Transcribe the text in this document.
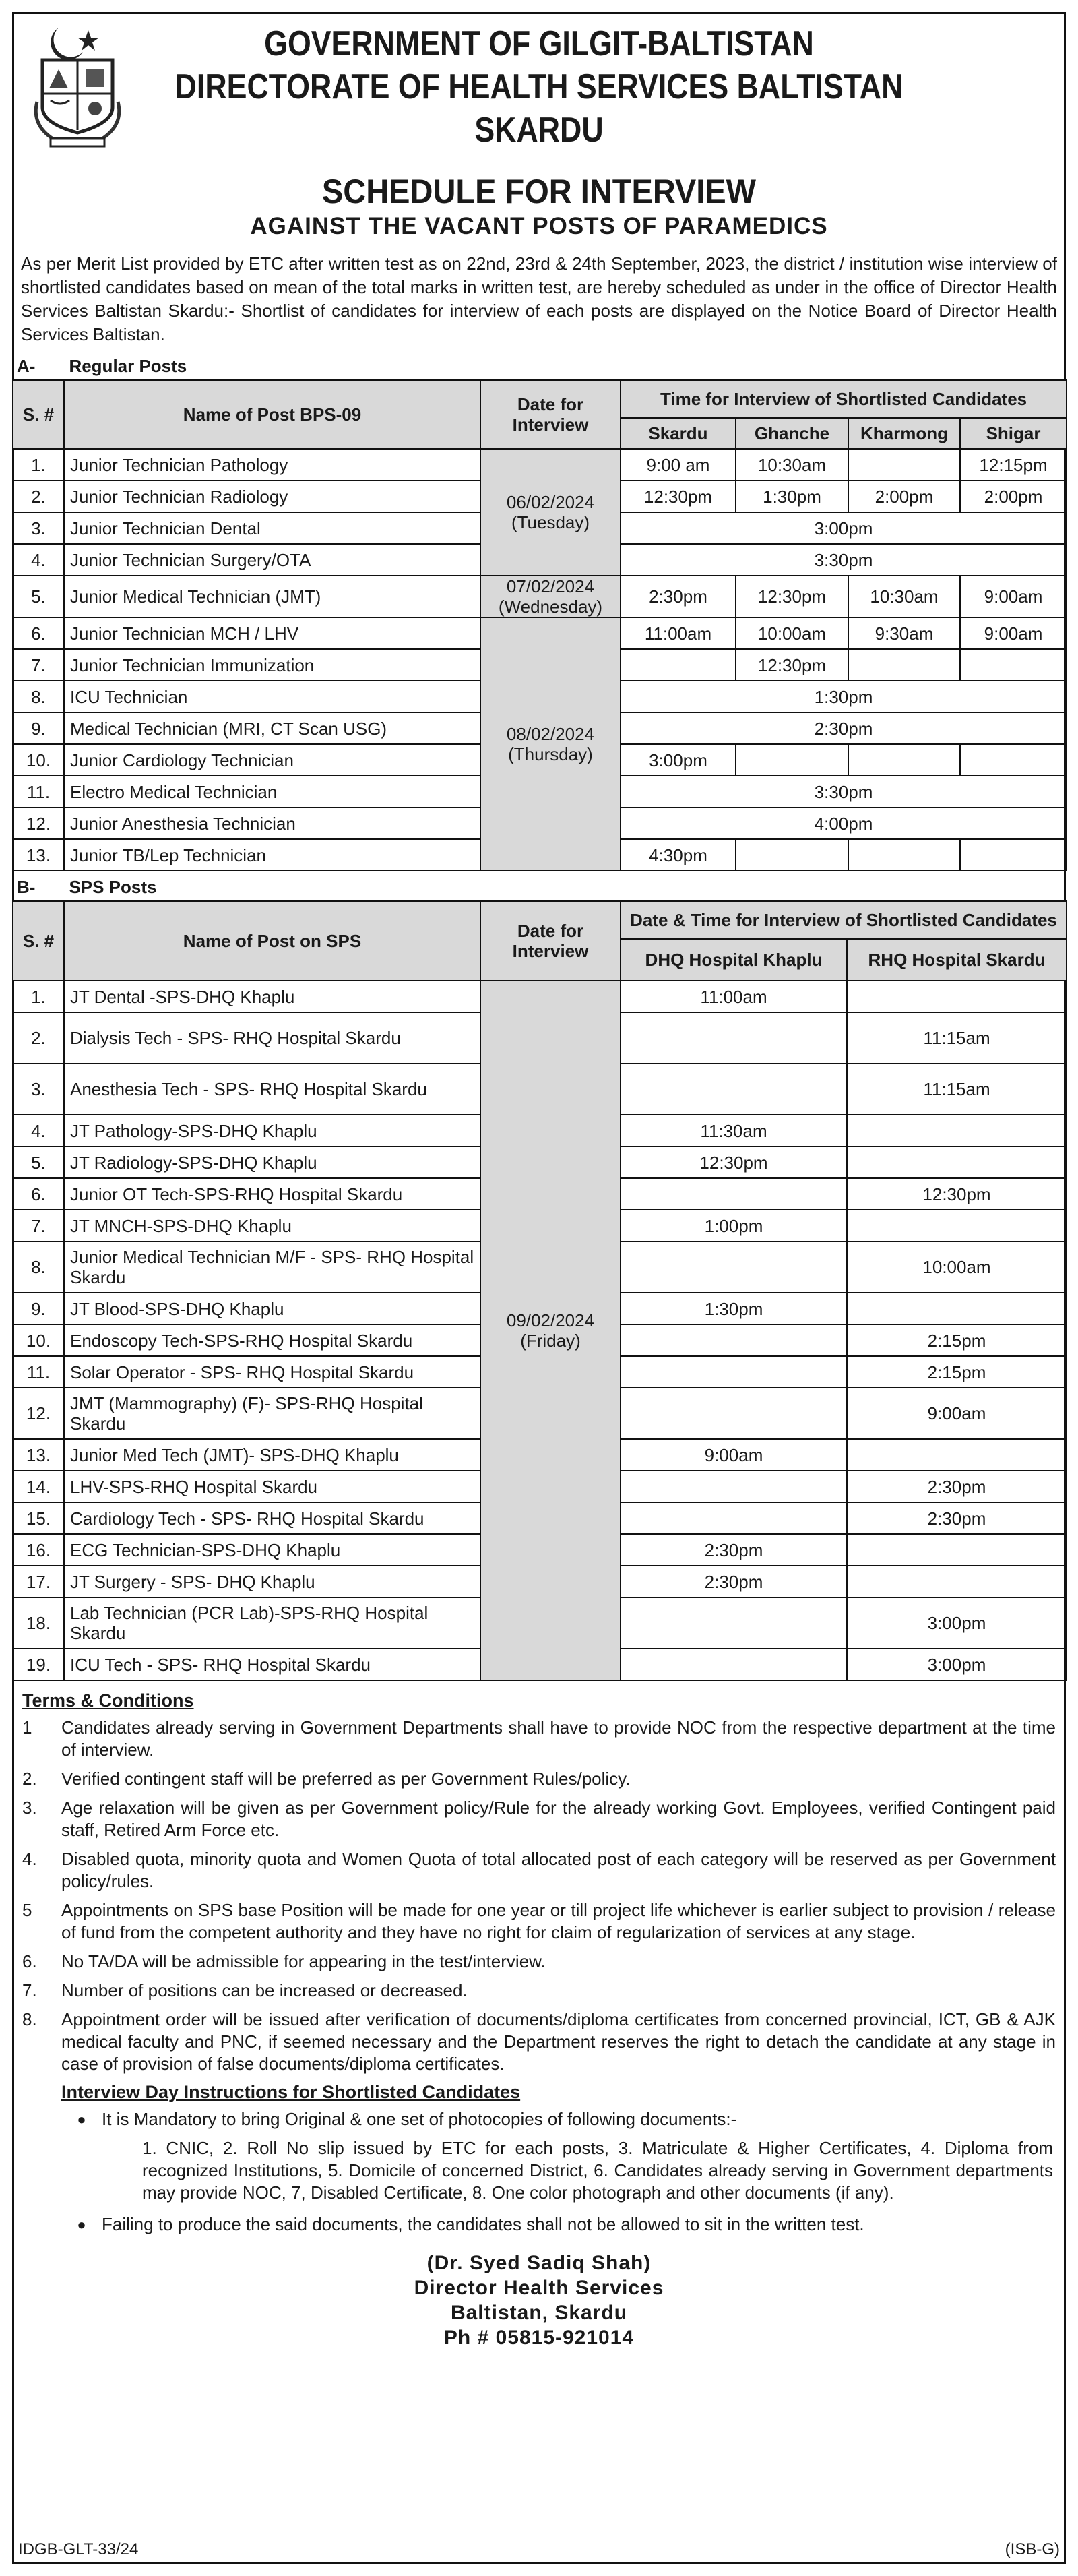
GOVERNMENT OF GILGIT-BALTISTAN
DIRECTORATE OF HEALTH SERVICES BALTISTAN
SKARDU
SCHEDULE FOR INTERVIEW
AGAINST THE VACANT POSTS OF PARAMEDICS

As per Merit List provided by ETC after written test as on 22nd, 23rd & 24th September, 2023, the district / institution wise interview of shortlisted candidates based on mean of the total marks in written test, are hereby scheduled as under in the office of Director Health Services Baltistan Skardu:- Shortlist of candidates for interview of each posts are displayed on the Notice Board of Director Health Services Baltistan.

A- Regular Posts
S. #	Name of Post BPS-09	Date for Interview	Time for Interview of Shortlisted Candidates			
			Skardu	Ghanche	Kharmong	Shigar
1.	Junior Technician Pathology	06/02/2024 (Tuesday)	9:00 am	10:30am		12:15pm
2.	Junior Technician Radiology		12:30pm	1:30pm	2:00pm	2:00pm
3.	Junior Technician Dental		3:00pm			
4.	Junior Technician Surgery/OTA		3:30pm			
5.	Junior Medical Technician (JMT)	07/02/2024 (Wednesday)	2:30pm	12:30pm	10:30am	9:00am
6.	Junior Technician MCH / LHV	08/02/2024 (Thursday)	11:00am	10:00am	9:30am	9:00am
7.	Junior Technician Immunization			12:30pm		
8.	ICU Technician		1:30pm			
9.	Medical Technician (MRI, CT Scan USG)		2:30pm			
10.	Junior Cardiology Technician		3:00pm			
11.	Electro Medical Technician		3:30pm			
12.	Junior Anesthesia Technician		4:00pm			
13.	Junior TB/Lep Technician		4:30pm			
B- SPS Posts
S. #	Name of Post on SPS	Date for Interview	Date & Time for Interview of Shortlisted Candidates	
			DHQ Hospital Khaplu	RHQ Hospital Skardu
1.	JT Dental -SPS-DHQ Khaplu	09/02/2024 (Friday)	11:00am	
2.	Dialysis Tech - SPS- RHQ Hospital Skardu			11:15am
3.	Anesthesia Tech - SPS- RHQ Hospital Skardu			11:15am
4.	JT Pathology-SPS-DHQ Khaplu		11:30am	
5.	JT Radiology-SPS-DHQ Khaplu		12:30pm	
6.	Junior OT Tech-SPS-RHQ Hospital Skardu			12:30pm
7.	JT MNCH-SPS-DHQ Khaplu		1:00pm	
8.	Junior Medical Technician M/F - SPS- RHQ Hospital Skardu			10:00am
9.	JT Blood-SPS-DHQ Khaplu		1:30pm	
10.	Endoscopy Tech-SPS-RHQ Hospital Skardu			2:15pm
11.	Solar Operator - SPS- RHQ Hospital Skardu			2:15pm
12.	JMT (Mammography) (F)- SPS-RHQ Hospital Skardu			9:00am
13.	Junior Med Tech (JMT)- SPS-DHQ Khaplu		9:00am	
14.	LHV-SPS-RHQ Hospital Skardu			2:30pm
15.	Cardiology Tech - SPS- RHQ Hospital Skardu			2:30pm
16.	ECG Technician-SPS-DHQ Khaplu		2:30pm	
17.	JT Surgery - SPS- DHQ Khaplu		2:30pm	
18.	Lab Technician (PCR Lab)-SPS-RHQ Hospital Skardu			3:00pm
19.	ICU Tech - SPS- RHQ Hospital Skardu			3:00pm
Terms & Conditions
1	Candidates already serving in Government Departments shall have to provide NOC from the respective department at the time of interview.
2.	Verified contingent staff will be preferred as per Government Rules/policy.
3.	Age relaxation will be given as per Government policy/Rule for the already working Govt. Employees, verified Contingent paid staff, Retired Arm Force etc.
4.	Disabled quota, minority quota and Women Quota of total allocated post of each category will be reserved as per Government policy/rules.
5	Appointments on SPS base Position will be made for one year or till project life whichever is earlier subject to provision / release of fund from the competent authority and they have no right for claim of regularization of services at any stage.
6.	No TA/DA will be admissible for appearing in the test/interview.
7.	Number of positions can be increased or decreased.
8.	Appointment order will be issued after verification of documents/diploma certificates from concerned provincial, ICT, GB & AJK medical faculty and PNC, if seemed necessary and the Department reserves the right to detach the candidate at any stage in case of provision of false documents/diploma certificates.
Interview Day Instructions for Shortlisted Candidates
● It is Mandatory to bring Original & one set of photocopies of following documents:-
1. CNIC, 2. Roll No slip issued by ETC for each posts, 3. Matriculate & Higher Certificates, 4. Diploma from recognized Institutions, 5. Domicile of concerned District, 6. Candidates already serving in Government departments may provide NOC, 7, Disabled Certificate, 8. One color photograph and other documents (if any).
● Failing to produce the said documents, the candidates shall not be allowed to sit in the written test.
(Dr. Syed Sadiq Shah)
Director Health Services
Baltistan, Skardu
Ph # 05815-921014
IDGB-GLT-33/24	(ISB-G)
